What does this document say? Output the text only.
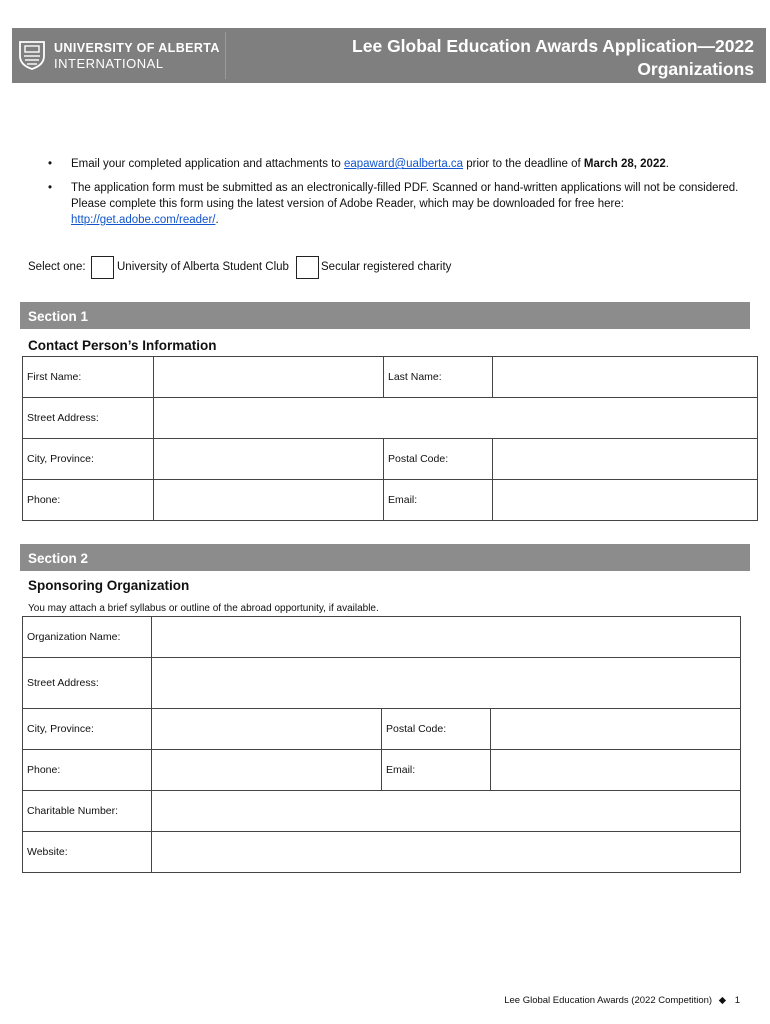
UNIVERSITY OF ALBERTA
INTERNATIONAL
Lee Global Education Awards Application—2022
Organizations
• Email your completed application and attachments to eapaward@ualberta.ca prior to the deadline of March 28, 2022.
• The application form must be submitted as an electronically-filled PDF. Scanned or hand-written applications will not be considered. Please complete this form using the latest version of Adobe Reader, which may be downloaded for free here: http://get.adobe.com/reader/.
Select one:	University of Alberta Student Club	Secular registered charity
Section 1
Contact Person’s Information
First Name:		Last Name:	
Street Address:			
City, Province:		Postal Code:	
Phone:		Email:	
Section 2
Sponsoring Organization
You may attach a brief syllabus or outline of the abroad opportunity, if available.
Organization Name:			
Street Address:			
City, Province:		Postal Code:	
Phone:		Email:	
Charitable Number:			
Website:			
Lee Global Education Awards (2022 Competition) ◆ 1
